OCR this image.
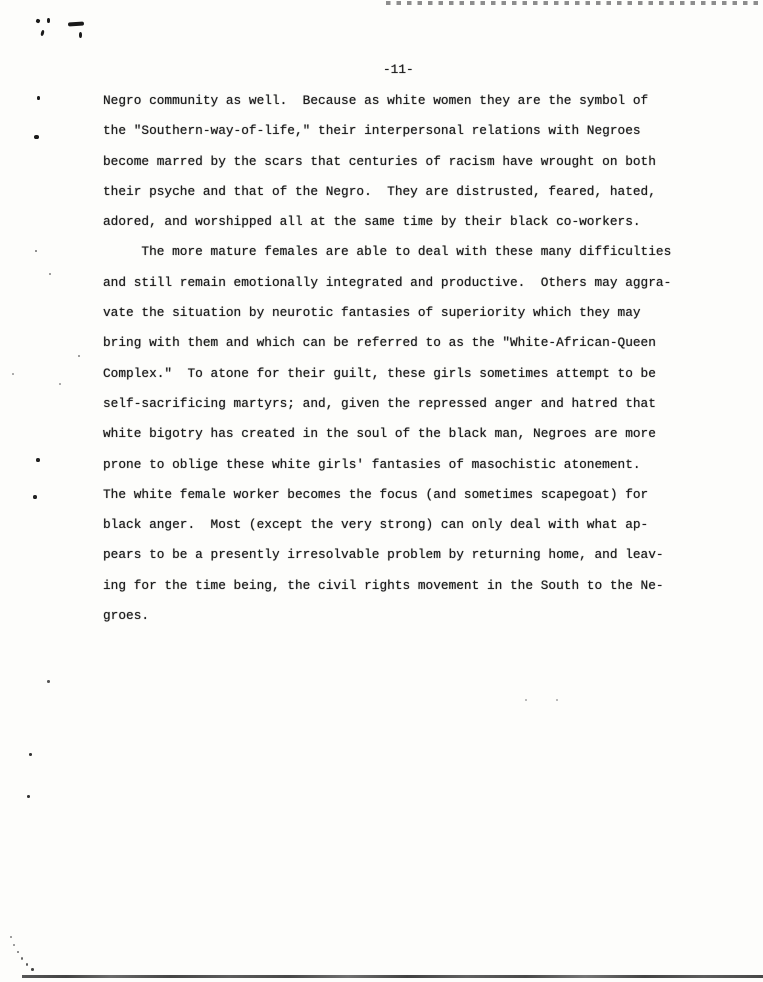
-11-
Negro community as well.  Because as white women they are the symbol of
the "Southern-way-of-life," their interpersonal relations with Negroes
become marred by the scars that centuries of racism have wrought on both
their psyche and that of the Negro.  They are distrusted, feared, hated,
adored, and worshipped all at the same time by their black co-workers.
The more mature females are able to deal with these many difficulties
and still remain emotionally integrated and productive.  Others may aggra-
vate the situation by neurotic fantasies of superiority which they may
bring with them and which can be referred to as the "White-African-Queen
Complex."  To atone for their guilt, these girls sometimes attempt to be
self-sacrificing martyrs; and, given the repressed anger and hatred that
white bigotry has created in the soul of the black man, Negroes are more
prone to oblige these white girls' fantasies of masochistic atonement.
The white female worker becomes the focus (and sometimes scapegoat) for
black anger.  Most (except the very strong) can only deal with what ap-
pears to be a presently irresolvable problem by returning home, and leav-
ing for the time being, the civil rights movement in the South to the Ne-
groes.
